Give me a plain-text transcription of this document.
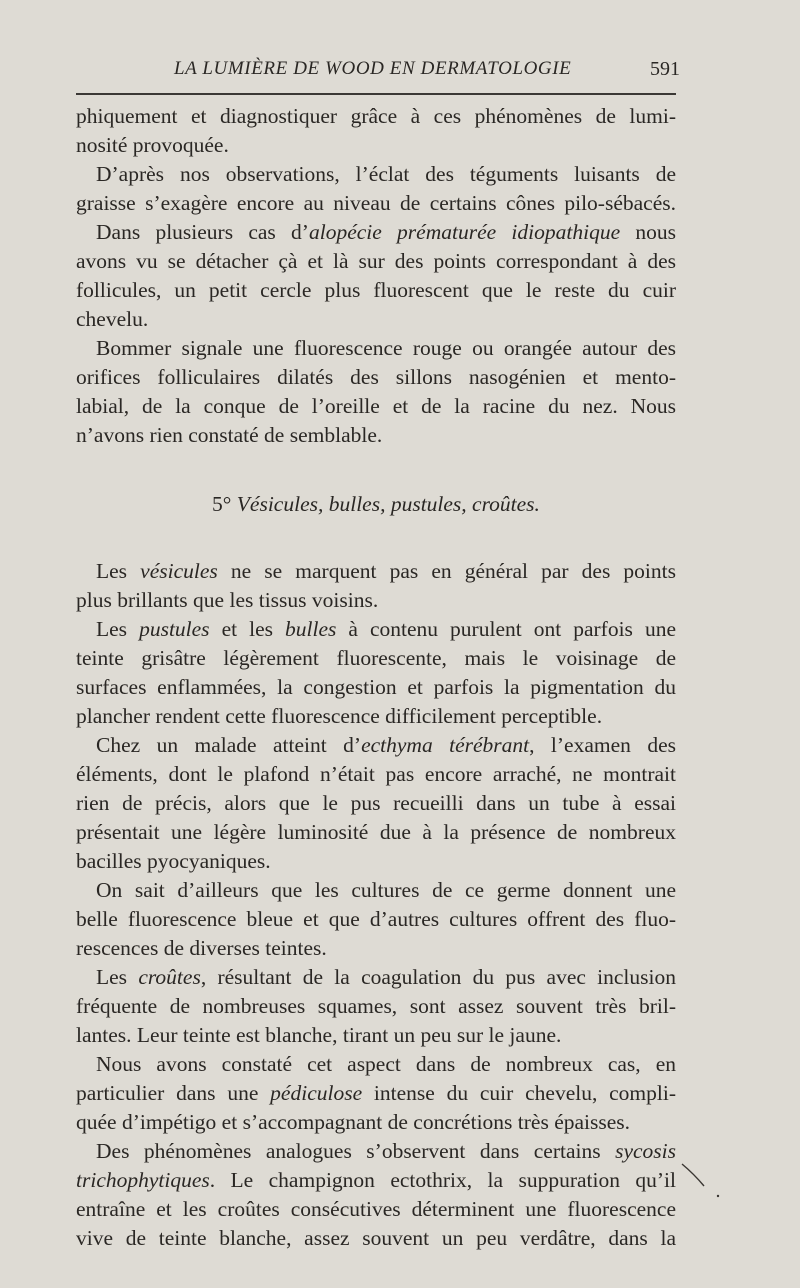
LA LUMIÈRE DE WOOD EN DERMATOLOGIE	591
phiquement et diagnostiquer grâce à ces phénomènes de lumi-
nosité provoquée.
D’après nos observations, l’éclat des téguments luisants de
graisse s’exagère encore au niveau de certains cônes pilo-sébacés.
Dans plusieurs cas d’alopécie prématurée idiopathique nous
avons vu se détacher çà et là sur des points correspondant à des
follicules, un petit cercle plus fluorescent que le reste du cuir
chevelu.
Bommer signale une fluorescence rouge ou orangée autour des
orifices folliculaires dilatés des sillons nasogénien et mento-
labial, de la conque de l’oreille et de la racine du nez. Nous
n’avons rien constaté de semblable.
5° Vésicules, bulles, pustules, croûtes.
Les vésicules ne se marquent pas en général par des points
plus brillants que les tissus voisins.
Les pustules et les bulles à contenu purulent ont parfois une
teinte grisâtre légèrement fluorescente, mais le voisinage de
surfaces enflammées, la congestion et parfois la pigmentation du
plancher rendent cette fluorescence difficilement perceptible.
Chez un malade atteint d’ecthyma térébrant, l’examen des
éléments, dont le plafond n’était pas encore arraché, ne montrait
rien de précis, alors que le pus recueilli dans un tube à essai
présentait une légère luminosité due à la présence de nombreux
bacilles pyocyaniques.
On sait d’ailleurs que les cultures de ce germe donnent une
belle fluorescence bleue et que d’autres cultures offrent des fluo-
rescences de diverses teintes.
Les croûtes, résultant de la coagulation du pus avec inclusion
fréquente de nombreuses squames, sont assez souvent très bril-
lantes. Leur teinte est blanche, tirant un peu sur le jaune.
Nous avons constaté cet aspect dans de nombreux cas, en
particulier dans une pédiculose intense du cuir chevelu, compli-
quée d’impétigo et s’accompagnant de concrétions très épaisses.
Des phénomènes analogues s’observent dans certains sycosis
trichophytiques. Le champignon ectothrix, la suppuration qu’il
entraîne et les croûtes consécutives déterminent une fluorescence
vive de teinte blanche, assez souvent un peu verdâtre, dans la
